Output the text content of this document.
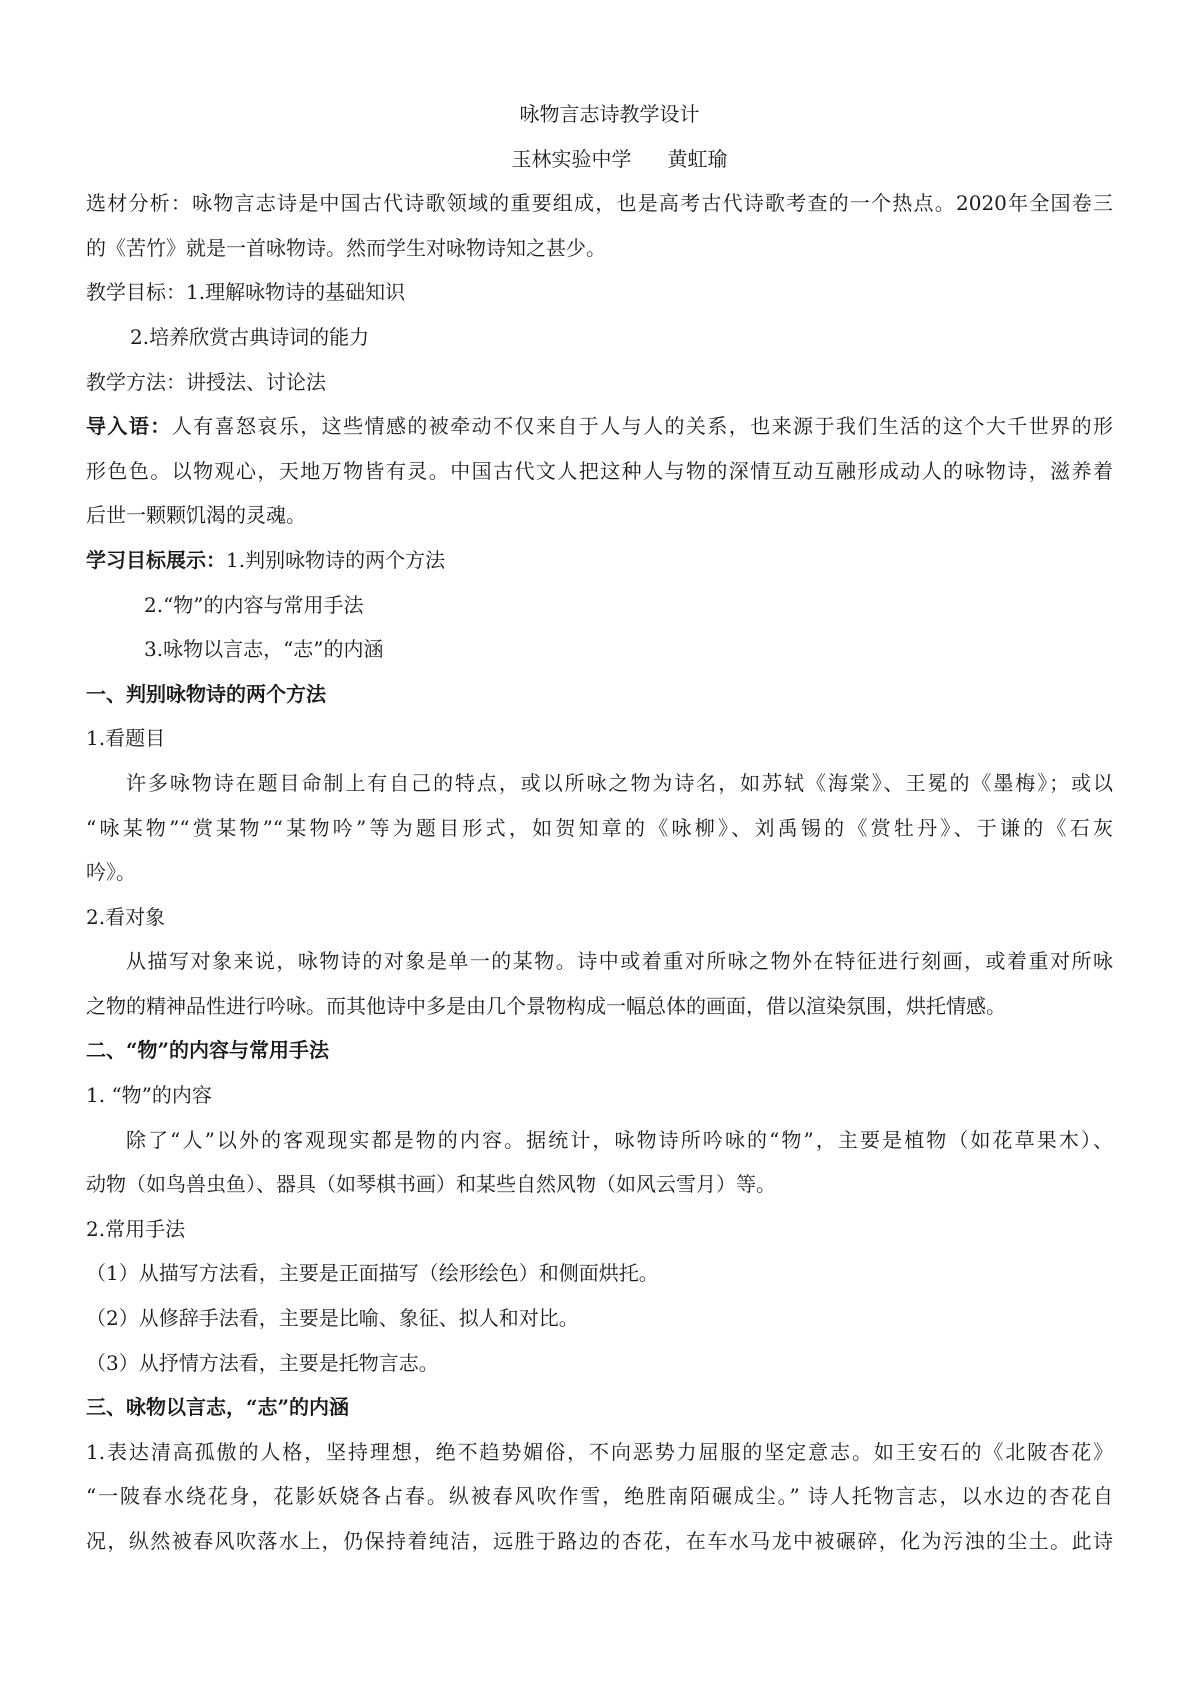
咏物言志诗教学设计
玉林实验中学 黄虹瑜
选材分析：咏物言志诗是中国古代诗歌领域的重要组成，也是高考古代诗歌考查的一个热点。2020年全国卷三
的《苦竹》就是一首咏物诗。然而学生对咏物诗知之甚少。
教学目标：1.理解咏物诗的基础知识
2.培养欣赏古典诗词的能力
教学方法：讲授法、讨论法
导入语：人有喜怒哀乐，这些情感的被牵动不仅来自于人与人的关系，也来源于我们生活的这个大千世界的形
形色色。以物观心，天地万物皆有灵。中国古代文人把这种人与物的深情互动互融形成动人的咏物诗，滋养着
后世一颗颗饥渴的灵魂。
学习目标展示：1.判别咏物诗的两个方法
2.“物”的内容与常用手法
3.咏物以言志，“志”的内涵
一、判别咏物诗的两个方法
1.看题目
许多咏物诗在题目命制上有自己的特点，或以所咏之物为诗名，如苏轼《海棠》、王冕的《墨梅》；或以
“咏某物”“赏某物”“某物吟”等为题目形式，如贺知章的《咏柳》、刘禹锡的《赏牡丹》、于谦的《石灰
吟》。
2.看对象
从描写对象来说，咏物诗的对象是单一的某物。诗中或着重对所咏之物外在特征进行刻画，或着重对所咏
之物的精神品性进行吟咏。而其他诗中多是由几个景物构成一幅总体的画面，借以渲染氛围，烘托情感。
二、“物”的内容与常用手法
1. “物”的内容
除了“人”以外的客观现实都是物的内容。据统计，咏物诗所吟咏的“物”，主要是植物（如花草果木）、
动物（如鸟兽虫鱼）、器具（如琴棋书画）和某些自然风物（如风云雪月）等。
2.常用手法
（1）从描写方法看，主要是正面描写（绘形绘色）和侧面烘托。
（2）从修辞手法看，主要是比喻、象征、拟人和对比。
（3）从抒情方法看，主要是托物言志。
三、咏物以言志，“志”的内涵
1.表达清高孤傲的人格，坚持理想，绝不趋势媚俗，不向恶势力屈服的坚定意志。如王安石的《北陂杏花》
“一陂春水绕花身，花影妖娆各占春。纵被春风吹作雪，绝胜南陌碾成尘。” 诗人托物言志，以水边的杏花自
况，纵然被春风吹落水上，仍保持着纯洁，远胜于路边的杏花，在车水马龙中被碾碎，化为污浊的尘土。此诗
